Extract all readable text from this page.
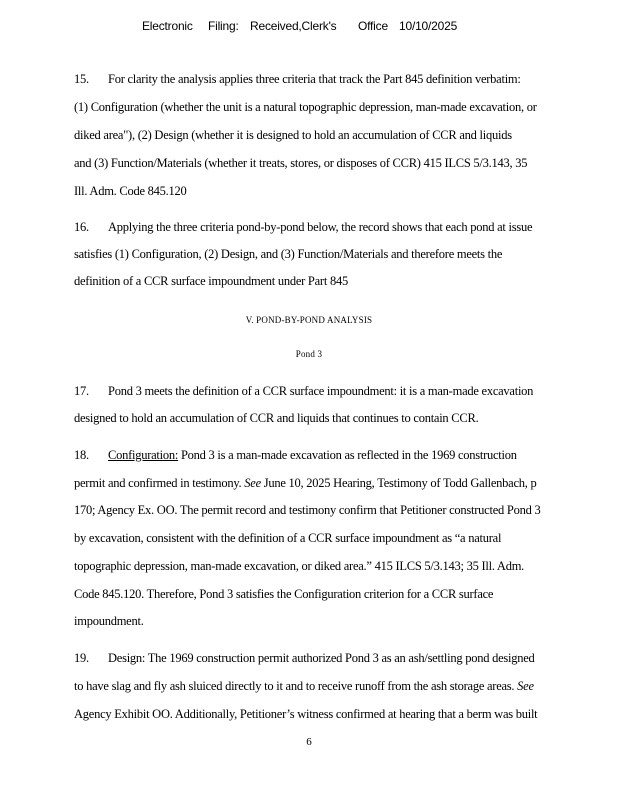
Electronic Filing: Received,Clerk's Office 10/10/2025
15. For clarity the analysis applies three criteria that track the Part 845 definition verbatim:
(1) Configuration (whether the unit is a natural topographic depression, man-made excavation, or
diked area"), (2) Design (whether it is designed to hold an accumulation of CCR and liquids
and (3) Function/Materials (whether it treats, stores, or disposes of CCR) 415 ILCS 5/3.143, 35
Ill. Adm. Code 845.120
16. Applying the three criteria pond-by-pond below, the record shows that each pond at issue
satisfies (1) Configuration, (2) Design, and (3) Function/Materials and therefore meets the
definition of a CCR surface impoundment under Part 845
V. POND-BY-POND ANALYSIS
Pond 3
17. Pond 3 meets the definition of a CCR surface impoundment: it is a man-made excavation
designed to hold an accumulation of CCR and liquids that continues to contain CCR.
18. Configuration: Pond 3 is a man-made excavation as reflected in the 1969 construction
permit and confirmed in testimony. See June 10, 2025 Hearing, Testimony of Todd Gallenbach, p
170; Agency Ex. OO. The permit record and testimony confirm that Petitioner constructed Pond 3
by excavation, consistent with the definition of a CCR surface impoundment as “a natural
topographic depression, man-made excavation, or diked area.” 415 ILCS 5/3.143; 35 Ill. Adm.
Code 845.120. Therefore, Pond 3 satisfies the Configuration criterion for a CCR surface
impoundment.
19. Design: The 1969 construction permit authorized Pond 3 as an ash/settling pond designed
to have slag and fly ash sluiced directly to it and to receive runoff from the ash storage areas. See
Agency Exhibit OO. Additionally, Petitioner’s witness confirmed at hearing that a berm was built
6
